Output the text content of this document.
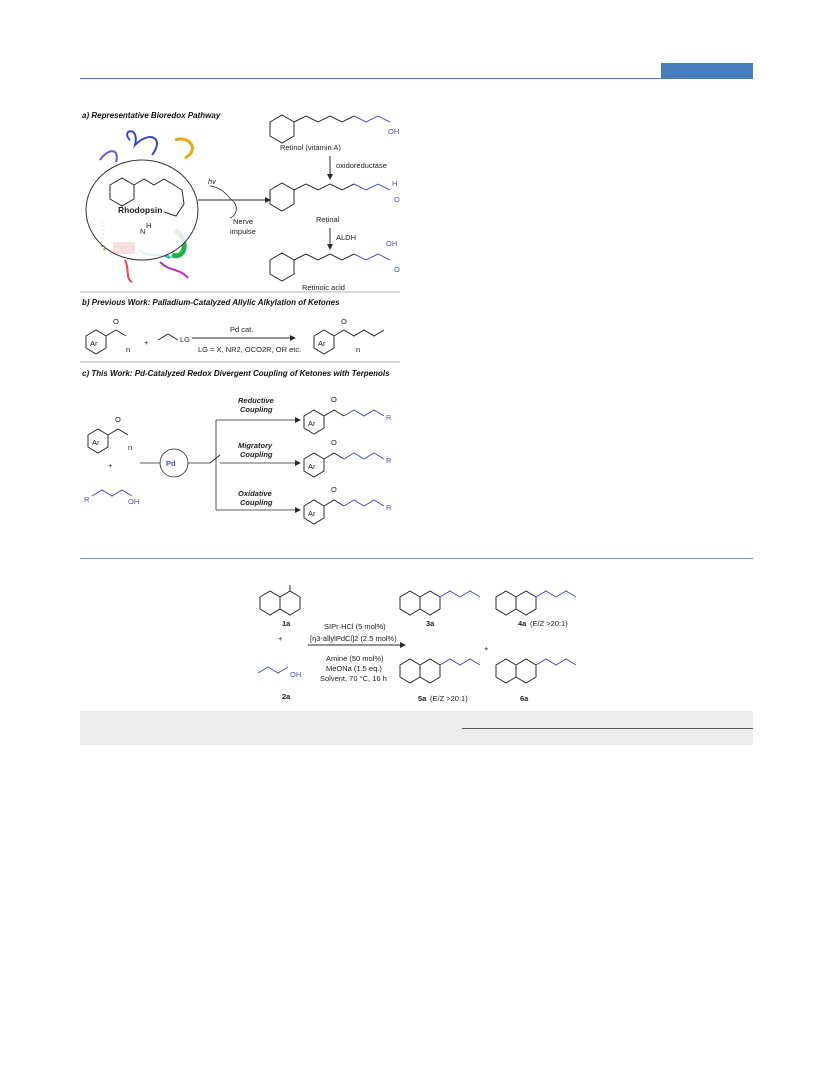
a) Representative Bioredox Pathway
Rhodopsin
H
N
hv
Nerve
impulse
OH
Retinol (vitamin A)
oxidoreductase
H
O
Retinal
ALDH
OH
O
Retinoic acid
b) Previous Work: Palladium-Catalyzed Allylic Alkylation of Ketones
Ar
O
n
+	LG
Pd cat.
LG = X, NR2, OCO2R, OR etc.
Ar
O
n
c) This Work: Pd-Catalyzed Redox Divergent Coupling of Ketones with Terpenols
Ar
O
n
+
R	OH
Pd
Reductive
Coupling
Migratory
Coupling
Oxidative
Coupling
Ar
O
R
Ar
O
R
Ar
O
R
1a
+
OH
2a
SIPr·HCl (5 mol%)
[η3-allylPdCl]2 (2.5 mol%)
Amine (50 mol%)
MeONa (1.5 eq.)
Solvent, 70 °C, 16 h
3a	4a (E/Z >20:1)
+
5a (E/Z >20:1)	6a
